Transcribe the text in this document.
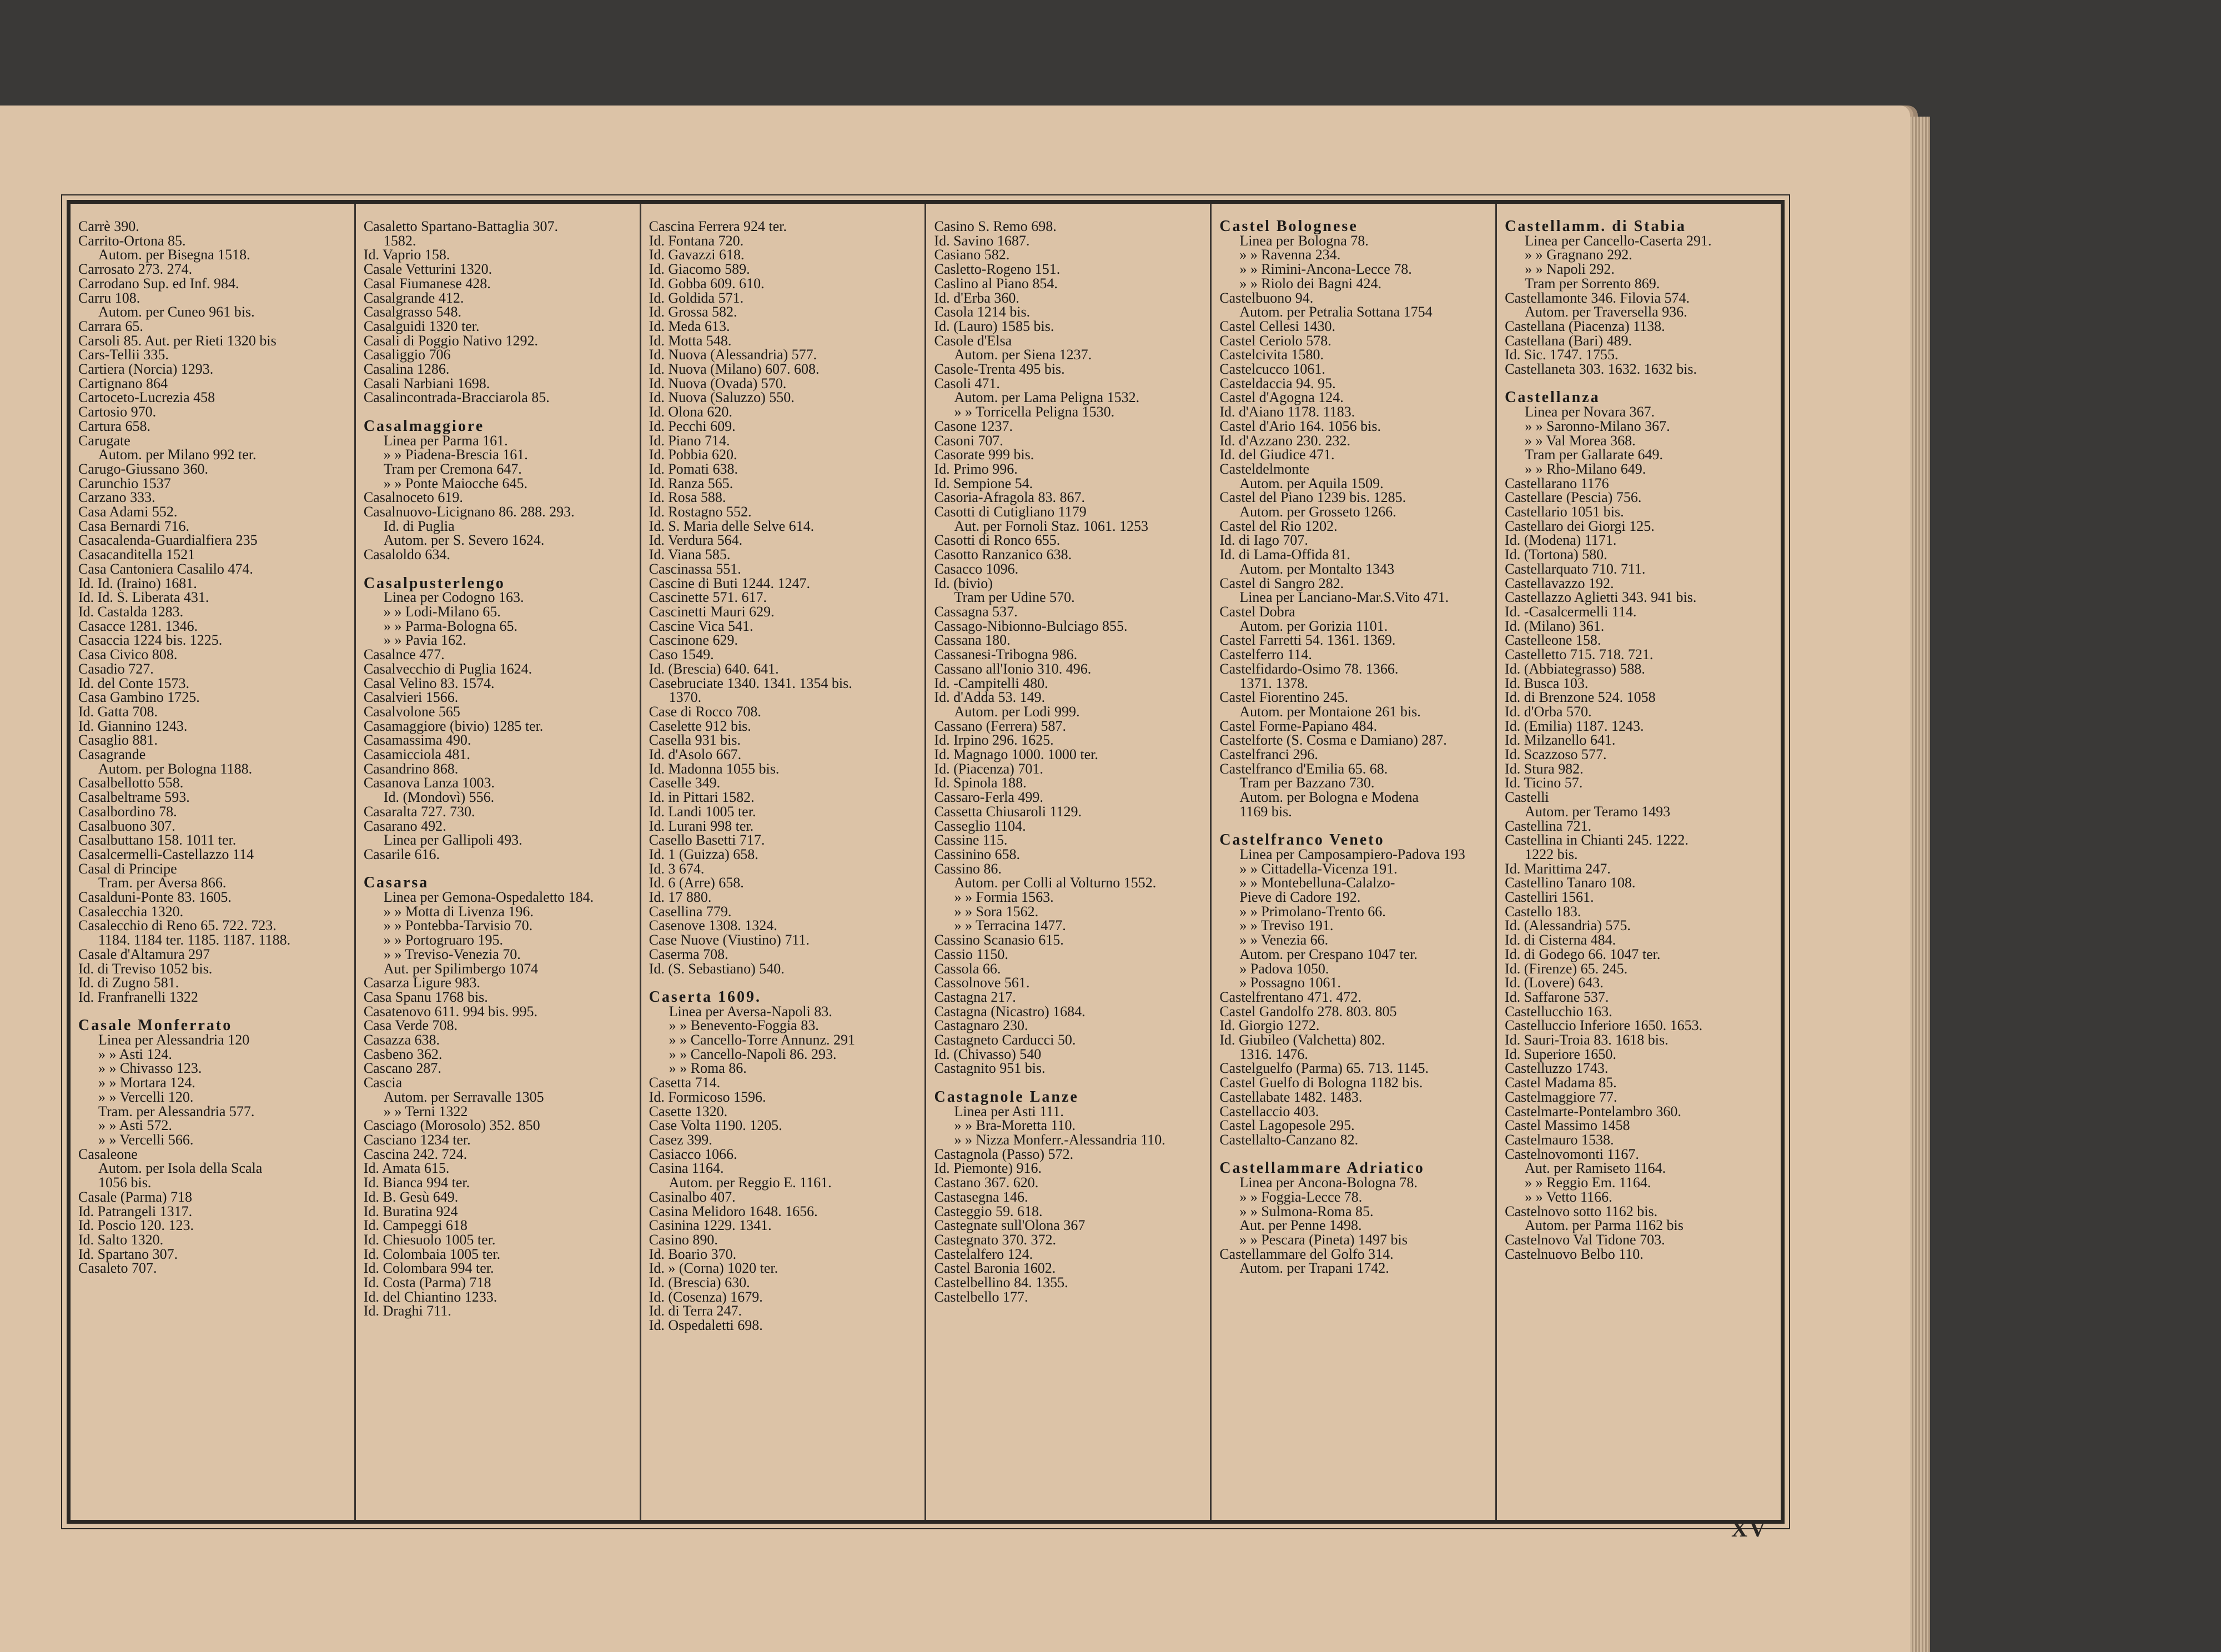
Carrè 390.
Carrito-Ortona 85.
Autom. per Bisegna 1518.
Carrosato 273. 274.
Carrodano Sup. ed Inf. 984.
Carru 108.
Autom. per Cuneo 961 bis.
Carrara 65.
Carsoli 85. Aut. per Rieti 1320 bis
Cars-Tellii 335.
Cartiera (Norcia) 1293.
Cartignano 864
Cartoceto-Lucrezia 458
Cartosio 970.
Cartura 658.
Carugate
Autom. per Milano 992 ter.
Carugo-Giussano 360.
Carunchio 1537
Carzano 333.
Casa Adami 552.
Casa Bernardi 716.
Casacalenda-Guardialfiera 235
Casacanditella 1521
Casa Cantoniera Casalilo 474.
Id. Id. (Iraino) 1681.
Id. Id. S. Liberata 431.
Id. Castalda 1283.
Casacce 1281. 1346.
Casaccia 1224 bis. 1225.
Casa Civico 808.
Casadio 727.
Id. del Conte 1573.
Casa Gambino 1725.
Id. Gatta 708.
Id. Giannino 1243.
Casaglio 881.
Casagrande
Autom. per Bologna 1188.
Casalbellotto 558.
Casalbeltrame 593.
Casalbordino 78.
Casalbuono 307.
Casalbuttano 158. 1011 ter.
Casalcermelli-Castellazzo 114
Casal di Principe
Tram. per Aversa 866.
Casalduni-Ponte 83. 1605.
Casalecchia 1320.
Casalecchio di Reno 65. 722. 723.
1184. 1184 ter. 1185. 1187. 1188.
Casale d'Altamura 297
Id. di Treviso 1052 bis.
Id. di Zugno 581.
Id. Franfranelli 1322

Casale Monferrato
Linea per Alessandria 120
» » Asti 124.
» » Chivasso 123.
» » Mortara 124.
» » Vercelli 120.
Tram. per Alessandria 577.
» » Asti 572.
» » Vercelli 566.
Casaleone
Autom. per Isola della Scala
1056 bis.
Casale (Parma) 718
Id. Patrangeli 1317.
Id. Poscio 120. 123.
Id. Salto 1320.
Id. Spartano 307.
Casaleto 707.
Casaletto Spartano-Battaglia 307.
1582.
Id. Vaprio 158.
Casale Vetturini 1320.
Casal Fiumanese 428.
Casalgrande 412.
Casalgrasso 548.
Casalguidi 1320 ter.
Casali di Poggio Nativo 1292.
Casaliggio 706
Casalina 1286.
Casali Narbiani 1698.
Casalincontrada-Bracciarola 85.

Casalmaggiore
Linea per Parma 161.
» » Piadena-Brescia 161.
Tram per Cremona 647.
» » Ponte Maiocche 645.
Casalnoceto 619.
Casalnuovo-Licignano 86. 288. 293.
Id. di Puglia
Autom. per S. Severo 1624.
Casaloldo 634.

Casalpusterlengo
Linea per Codogno 163.
» » Lodi-Milano 65.
» » Parma-Bologna 65.
» » Pavia 162.
Casalnce 477.
Casalvecchio di Puglia 1624.
Casal Velino 83. 1574.
Casalvieri 1566.
Casalvolone 565
Casamaggiore (bivio) 1285 ter.
Casamassima 490.
Casamicciola 481.
Casandrino 868.
Casanova Lanza 1003.
Id. (Mondovì) 556.
Casaralta 727. 730.
Casarano 492.
Linea per Gallipoli 493.
Casarile 616.

Casarsa
Linea per Gemona-Ospedaletto 184.
» » Motta di Livenza 196.
» » Pontebba-Tarvisio 70.
» » Portogruaro 195.
» » Treviso-Venezia 70.
Aut. per Spilimbergo 1074
Casarza Ligure 983.
Casa Spanu 1768 bis.
Casatenovo 611. 994 bis. 995.
Casa Verde 708.
Casazza 638.
Casbeno 362.
Cascano 287.
Cascia
Autom. per Serravalle 1305
» » Terni 1322
Casciago (Morosolo) 352. 850
Casciano 1234 ter.
Cascina 242. 724.
Id. Amata 615.
Id. Bianca 994 ter.
Id. B. Gesù 649.
Id. Buratina 924
Id. Campeggi 618
Id. Chiesuolo 1005 ter.
Id. Colombaia 1005 ter.
Id. Colombara 994 ter.
Id. Costa (Parma) 718
Id. del Chiantino 1233.
Id. Draghi 711.
Cascina Ferrera 924 ter.
Id. Fontana 720.
Id. Gavazzi 618.
Id. Giacomo 589.
Id. Gobba 609. 610.
Id. Goldida 571.
Id. Grossa 582.
Id. Meda 613.
Id. Motta 548.
Id. Nuova (Alessandria) 577.
Id. Nuova (Milano) 607. 608.
Id. Nuova (Ovada) 570.
Id. Nuova (Saluzzo) 550.
Id. Olona 620.
Id. Pecchi 609.
Id. Piano 714.
Id. Pobbia 620.
Id. Pomati 638.
Id. Ranza 565.
Id. Rosa 588.
Id. Rostagno 552.
Id. S. Maria delle Selve 614.
Id. Verdura 564.
Id. Viana 585.
Cascinassa 551.
Cascine di Buti 1244. 1247.
Cascinette 571. 617.
Cascinetti Mauri 629.
Cascine Vica 541.
Cascinone 629.
Caso 1549.
Id. (Brescia) 640. 641.
Casebruciate 1340. 1341. 1354 bis.
1370.
Case di Rocco 708.
Caselette 912 bis.
Casella 931 bis.
Id. d'Asolo 667.
Id. Madonna 1055 bis.
Caselle 349.
Id. in Pittari 1582.
Id. Landi 1005 ter.
Id. Lurani 998 ter.
Casello Basetti 717.
Id. 1 (Guizza) 658.
Id. 3 674.
Id. 6 (Arre) 658.
Id. 17 880.
Casellina 779.
Casenove 1308. 1324.
Case Nuove (Viustino) 711.
Caserma 708.
Id. (S. Sebastiano) 540.

Caserta 1609.
Linea per Aversa-Napoli 83.
» » Benevento-Foggia 83.
» » Cancello-Torre Annunz. 291
» » Cancello-Napoli 86. 293.
» » Roma 86.
Casetta 714.
Id. Formicoso 1596.
Casette 1320.
Case Volta 1190. 1205.
Casez 399.
Casiacco 1066.
Casina 1164.
Autom. per Reggio E. 1161.
Casinalbo 407.
Casina Melidoro 1648. 1656.
Casinina 1229. 1341.
Casino 890.
Id. Boario 370.
Id. » (Corna) 1020 ter.
Id. (Brescia) 630.
Id. (Cosenza) 1679.
Id. di Terra 247.
Id. Ospedaletti 698.
Casino S. Remo 698.
Id. Savino 1687.
Casiano 582.
Casletto-Rogeno 151.
Caslino al Piano 854.
Id. d'Erba 360.
Casola 1214 bis.
Id. (Lauro) 1585 bis.
Casole d'Elsa
Autom. per Siena 1237.
Casole-Trenta 495 bis.
Casoli 471.
Autom. per Lama Peligna 1532.
» » Torricella Peligna 1530.
Casone 1237.
Casoni 707.
Casorate 999 bis.
Id. Primo 996.
Id. Sempione 54.
Casoria-Afragola 83. 867.
Casotti di Cutigliano 1179
Aut. per Fornoli Staz. 1061. 1253
Casotti di Ronco 655.
Casotto Ranzanico 638.
Casacco 1096.
Id. (bivio)
Tram per Udine 570.
Cassagna 537.
Cassago-Nibionno-Bulciago 855.
Cassana 180.
Cassanesi-Tribogna 986.
Cassano all'Ionio 310. 496.
Id. -Campitelli 480.
Id. d'Adda 53. 149.
Autom. per Lodi 999.
Cassano (Ferrera) 587.
Id. Irpino 296. 1625.
Id. Magnago 1000. 1000 ter.
Id. (Piacenza) 701.
Id. Spinola 188.
Cassaro-Ferla 499.
Cassetta Chiusaroli 1129.
Casseglio 1104.
Cassine 115.
Cassinino 658.
Cassino 86.
Autom. per Colli al Volturno 1552.
» » Formia 1563.
» » Sora 1562.
» » Terracina 1477.
Cassino Scanasio 615.
Cassio 1150.
Cassola 66.
Cassolnove 561.
Castagna 217.
Castagna (Nicastro) 1684.
Castagnaro 230.
Castagneto Carducci 50.
Id. (Chivasso) 540
Castagnito 951 bis.

Castagnole Lanze
Linea per Asti 111.
» » Bra-Moretta 110.
» » Nizza Monferr.-Alessandria 110.
Castagnola (Passo) 572.
Id. Piemonte) 916.
Castano 367. 620.
Castasegna 146.
Casteggio 59. 618.
Castegnate sull'Olona 367
Castegnato 370. 372.
Castelalfero 124.
Castel Baronia 1602.
Castelbellino 84. 1355.
Castelbello 177.
Castel Bolognese
Linea per Bologna 78.
» » Ravenna 234.
» » Rimini-Ancona-Lecce 78.
» » Riolo dei Bagni 424.
Castelbuono 94.
Autom. per Petralia Sottana 1754
Castel Cellesi 1430.
Castel Ceriolo 578.
Castelcivita 1580.
Castelcucco 1061.
Casteldaccia 94. 95.
Castel d'Agogna 124.
Id. d'Aiano 1178. 1183.
Castel d'Ario 164. 1056 bis.
Id. d'Azzano 230. 232.
Id. del Giudice 471.
Casteldelmonte
Autom. per Aquila 1509.
Castel del Piano 1239 bis. 1285.
Autom. per Grosseto 1266.
Castel del Rio 1202.
Id. di Iago 707.
Id. di Lama-Offida 81.
Autom. per Montalto 1343
Castel di Sangro 282.
Linea per Lanciano-Mar.S.Vito 471.
Castel Dobra
Autom. per Gorizia 1101.
Castel Farretti 54. 1361. 1369.
Castelferro 114.
Castelfidardo-Osimo 78. 1366.
1371. 1378.
Castel Fiorentino 245.
Autom. per Montaione 261 bis.
Castel Forme-Papiano 484.
Castelforte (S. Cosma e Damiano) 287.
Castelfranci 296.
Castelfranco d'Emilia 65. 68.
Tram per Bazzano 730.
Autom. per Bologna e Modena
1169 bis.

Castelfranco Veneto
Linea per Camposampiero-Padova 193
» » Cittadella-Vicenza 191.
» » Montebelluna-Calalzo-
Pieve di Cadore 192.
» » Primolano-Trento 66.
» » Treviso 191.
» » Venezia 66.
Autom. per Crespano 1047 ter.
» Padova 1050.
» Possagno 1061.
Castelfrentano 471. 472.
Castel Gandolfo 278. 803. 805
Id. Giorgio 1272.
Id. Giubileo (Valchetta) 802.
1316. 1476.
Castelguelfo (Parma) 65. 713. 1145.
Castel Guelfo di Bologna 1182 bis.
Castellabate 1482. 1483.
Castellaccio 403.
Castel Lagopesole 295.
Castellalto-Canzano 82.

Castellammare Adriatico
Linea per Ancona-Bologna 78.
» » Foggia-Lecce 78.
» » Sulmona-Roma 85.
Aut. per Penne 1498.
» » Pescara (Pineta) 1497 bis
Castellammare del Golfo 314.
Autom. per Trapani 1742.
Castellamm. di Stabia
Linea per Cancello-Caserta 291.
» » Gragnano 292.
» » Napoli 292.
Tram per Sorrento 869.
Castellamonte 346. Filovia 574.
Autom. per Traversella 936.
Castellana (Piacenza) 1138.
Castellana (Bari) 489.
Id. Sic. 1747. 1755.
Castellaneta 303. 1632. 1632 bis.

Castellanza
Linea per Novara 367.
» » Saronno-Milano 367.
» » Val Morea 368.
Tram per Gallarate 649.
» » Rho-Milano 649.
Castellarano 1176
Castellare (Pescia) 756.
Castellario 1051 bis.
Castellaro dei Giorgi 125.
Id. (Modena) 1171.
Id. (Tortona) 580.
Castellarquato 710. 711.
Castellavazzo 192.
Castellazzo Aglietti 343. 941 bis.
Id. -Casalcermelli 114.
Id. (Milano) 361.
Castelleone 158.
Castelletto 715. 718. 721.
Id. (Abbiategrasso) 588.
Id. Busca 103.
Id. di Brenzone 524. 1058
Id. d'Orba 570.
Id. (Emilia) 1187. 1243.
Id. Milzanello 641.
Id. Scazzoso 577.
Id. Stura 982.
Id. Ticino 57.
Castelli
Autom. per Teramo 1493
Castellina 721.
Castellina in Chianti 245. 1222.
1222 bis.
Id. Marittima 247.
Castellino Tanaro 108.
Castelliri 1561.
Castello 183.
Id. (Alessandria) 575.
Id. di Cisterna 484.
Id. di Godego 66. 1047 ter.
Id. (Firenze) 65. 245.
Id. (Lovere) 643.
Id. Saffarone 537.
Castellucchio 163.
Castelluccio Inferiore 1650. 1653.
Id. Sauri-Troia 83. 1618 bis.
Id. Superiore 1650.
Castelluzzo 1743.
Castel Madama 85.
Castelmaggiore 77.
Castelmarte-Pontelambro 360.
Castel Massimo 1458
Castelmauro 1538.
Castelnovomonti 1167.
Aut. per Ramiseto 1164.
» » Reggio Em. 1164.
» » Vetto 1166.
Castelnovo sotto 1162 bis.
Autom. per Parma 1162 bis
Castelnovo Val Tidone 703.
Castelnuovo Belbo 110.
XV
